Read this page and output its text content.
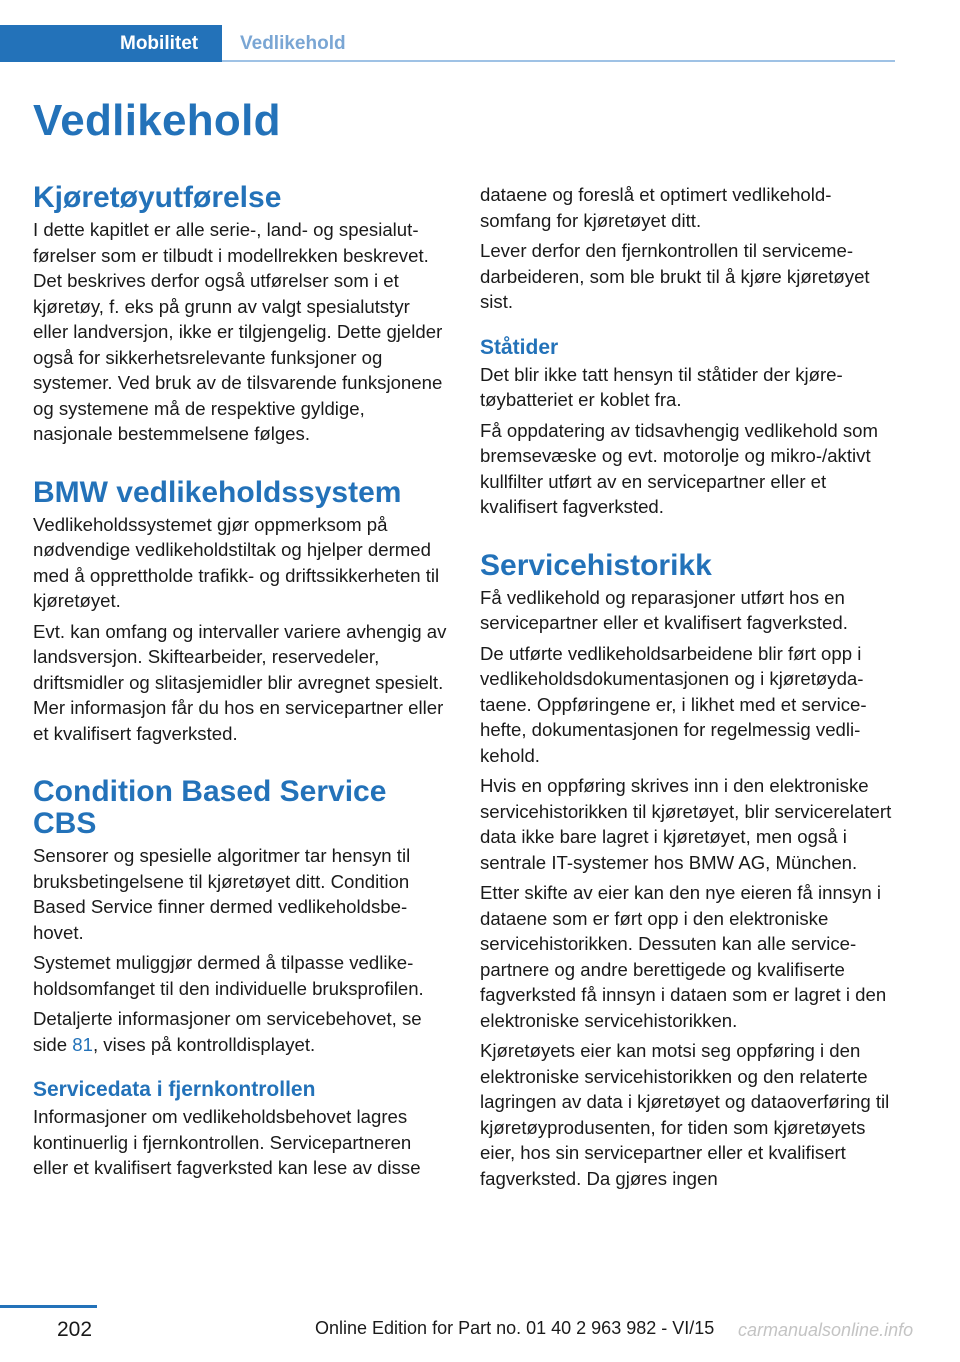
Mobilitet	Vedlikehold
Vedlikehold
Kjøretøyutførelse

I dette kapitlet er alle serie-, land- og spesialutførelser som er tilbudt i modellrekken beskrevet. Det beskrives derfor også utførelser som i et kjøretøy, f. eks på grunn av valgt spesialutstyr eller landversjon, ikke er tilgjengelig. Dette gjelder også for sikkerhetsrelevante funksjoner og systemer. Ved bruk av de tilsvarende funksjonene og systemene må de respektive gyldige, nasjonale bestemmelsene følges.

BMW vedlikeholdssystem

Vedlikeholdssystemet gjør oppmerksom på nødvendige vedlikeholdstiltak og hjelper dermed med å opprettholde trafikk- og driftssikkerheten til kjøretøyet.

Evt. kan omfang og intervaller variere avhengig av landsversjon. Skiftearbeider, reservedeler, driftsmidler og slitasjemidler blir avregnet spesielt. Mer informasjon får du hos en servicepartner eller et kvalifisert fagverksted.

Condition Based Service CBS

Sensorer og spesielle algoritmer tar hensyn til bruksbetingelsene til kjøretøyet ditt. Condition Based Service finner dermed vedlikeholdsbehovet.

Systemet muliggjør dermed å tilpasse vedlikeholdsomfanget til den individuelle bruksprofilen.

Detaljerte informasjoner om servicebehovet, se side 81, vises på kontrolldisplayet.

Servicedata i fjernkontrollen

Informasjoner om vedlikeholdsbehovet lagres kontinuerlig i fjernkontrollen. Servicepartneren eller et kvalifisert fagverksted kan lese av disse

dataene og foreslå et optimert vedlikeholdsomfang for kjøretøyet ditt.

Lever derfor den fjernkontrollen til servicemedarbeideren, som ble brukt til å kjøre kjøretøyet sist.

Ståtider

Det blir ikke tatt hensyn til ståtider der kjøretøybatteriet er koblet fra.

Få oppdatering av tidsavhengig vedlikehold som bremsevæske og evt. motorolje og mikro-/aktivt kullfilter utført av en servicepartner eller et kvalifisert fagverksted.

Servicehistorikk

Få vedlikehold og reparasjoner utført hos en servicepartner eller et kvalifisert fagverksted.

De utførte vedlikeholdsarbeidene blir ført opp i vedlikeholdsdokumentasjonen og i kjøretøydataene. Oppføringene er, i likhet med et servicehefte, dokumentasjonen for regelmessig vedlikehold.

Hvis en oppføring skrives inn i den elektroniske servicehistorikken til kjøretøyet, blir servicerelatert data ikke bare lagret i kjøretøyet, men også i sentrale IT-systemer hos BMW AG, München.

Etter skifte av eier kan den nye eieren få innsyn i dataene som er ført opp i den elektroniske servicehistorikken. Dessuten kan alle servicepartnere og andre berettigede og kvalifiserte fagverksted få innsyn i dataen som er lagret i den elektroniske servicehistorikken.

Kjøretøyets eier kan motsi seg oppføring i den elektroniske servicehistorikken og den relaterte lagringen av data i kjøretøyet og dataoverføring til kjøretøyprodusenten, for tiden som kjøretøyets eier, hos sin servicepartner eller et kvalifisert fagverksted. Da gjøres ingen

202	Online Edition for Part no. 01 40 2 963 982 - VI/15 carmanualsonline.info
